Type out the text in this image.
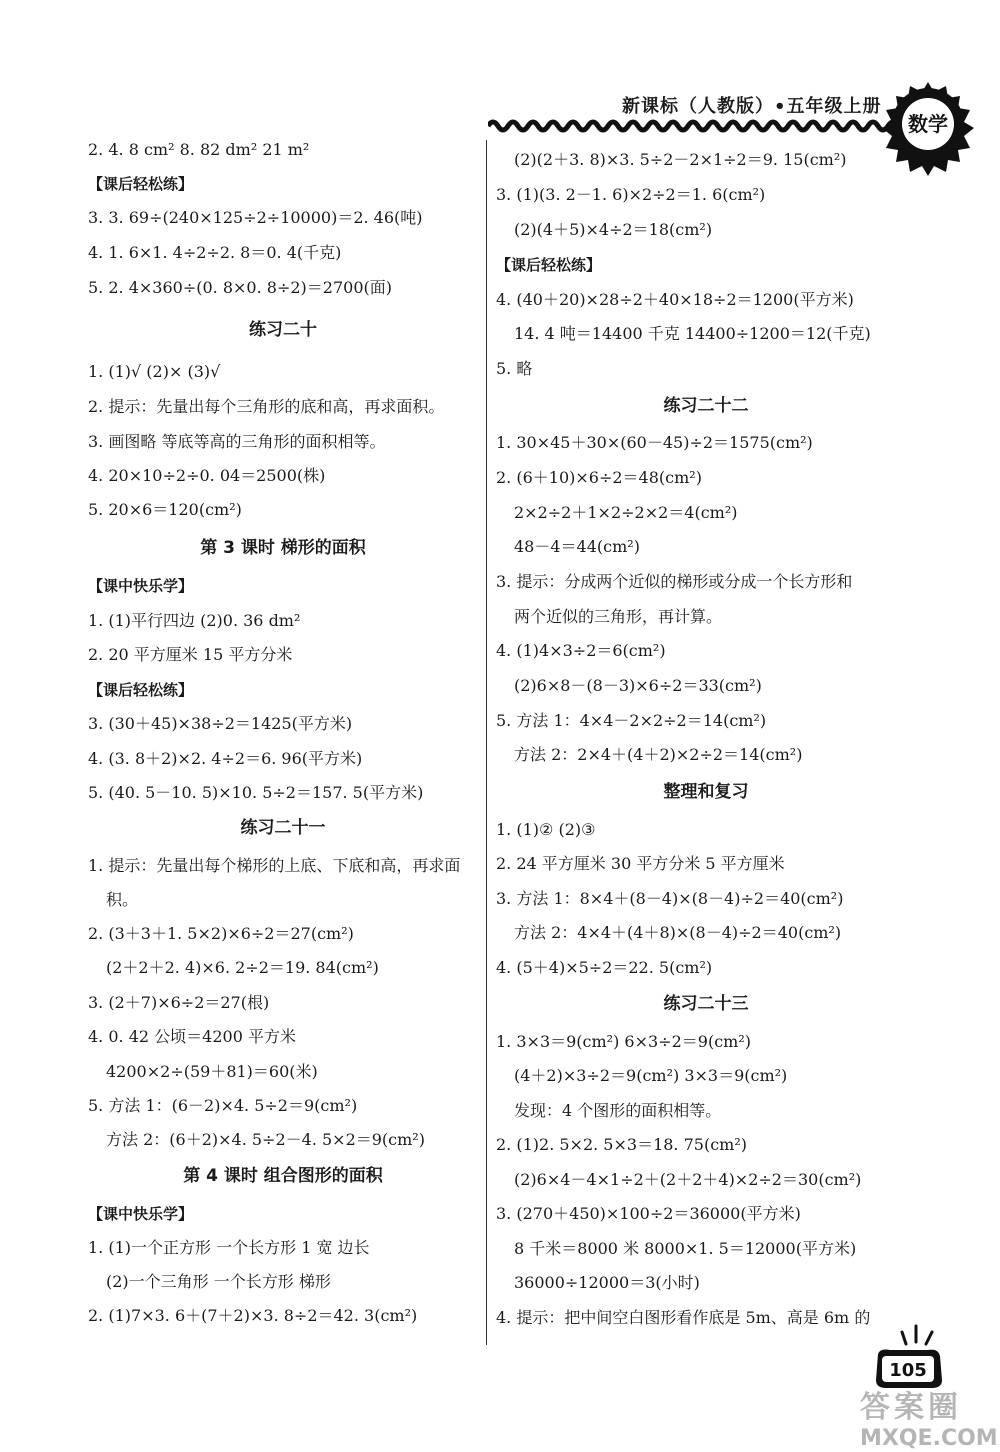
新课标（人教版）•五年级上册
数学
2. 4. 8 cm² 8. 82 dm² 21 m²
【课后轻松练】
3. 3. 69÷(240×125÷2÷10000)＝2. 46(吨)
4. 1. 6×1. 4÷2÷2. 8＝0. 4(千克)
5. 2. 4×360÷(0. 8×0. 8÷2)＝2700(面)
练习二十
1. (1)√ (2)× (3)√
2. 提示：先量出每个三角形的底和高，再求面积。
3. 画图略 等底等高的三角形的面积相等。
4. 20×10÷2÷0. 04＝2500(株)
5. 20×6＝120(cm²)
第 3 课时 梯形的面积
【课中快乐学】
1. (1)平行四边 (2)0. 36 dm²
2. 20 平方厘米 15 平方分米
【课后轻松练】
3. (30＋45)×38÷2＝1425(平方米)
4. (3. 8＋2)×2. 4÷2＝6. 96(平方米)
5. (40. 5－10. 5)×10. 5÷2＝157. 5(平方米)
练习二十一
1. 提示：先量出每个梯形的上底、下底和高，再求面
积。
2. (3＋3＋1. 5×2)×6÷2＝27(cm²)
(2＋2＋2. 4)×6. 2÷2＝19. 84(cm²)
3. (2＋7)×6÷2＝27(根)
4. 0. 42 公顷＝4200 平方米
4200×2÷(59＋81)＝60(米)
5. 方法 1：(6－2)×4. 5÷2＝9(cm²)
方法 2：(6＋2)×4. 5÷2－4. 5×2＝9(cm²)
第 4 课时 组合图形的面积
【课中快乐学】
1. (1)一个正方形 一个长方形 1 宽 边长
(2)一个三角形 一个长方形 梯形
2. (1)7×3. 6＋(7＋2)×3. 8÷2＝42. 3(cm²)
(2)(2＋3. 8)×3. 5÷2－2×1÷2＝9. 15(cm²)
3. (1)(3. 2－1. 6)×2÷2＝1. 6(cm²)
(2)(4＋5)×4÷2＝18(cm²)
【课后轻松练】
4. (40＋20)×28÷2＋40×18÷2＝1200(平方米)
14. 4 吨＝14400 千克 14400÷1200＝12(千克)
5. 略
练习二十二
1. 30×45＋30×(60－45)÷2＝1575(cm²)
2. (6＋10)×6÷2＝48(cm²)
2×2÷2＋1×2÷2×2＝4(cm²)
48－4＝44(cm²)
3. 提示：分成两个近似的梯形或分成一个长方形和
两个近似的三角形，再计算。
4. (1)4×3÷2＝6(cm²)
(2)6×8－(8－3)×6÷2＝33(cm²)
5. 方法 1：4×4－2×2÷2＝14(cm²)
方法 2：2×4＋(4＋2)×2÷2＝14(cm²)
整理和复习
1. (1)② (2)③
2. 24 平方厘米 30 平方分米 5 平方厘米
3. 方法 1：8×4＋(8－4)×(8－4)÷2＝40(cm²)
方法 2：4×4＋(4＋8)×(8－4)÷2＝40(cm²)
4. (5＋4)×5÷2＝22. 5(cm²)
练习二十三
1. 3×3＝9(cm²) 6×3÷2＝9(cm²)
(4＋2)×3÷2＝9(cm²) 3×3＝9(cm²)
发现：4 个图形的面积相等。
2. (1)2. 5×2. 5×3＝18. 75(cm²)
(2)6×4－4×1÷2＋(2＋2＋4)×2÷2＝30(cm²)
3. (270＋450)×100÷2＝36000(平方米)
8 千米＝8000 米 8000×1. 5＝12000(平方米)
36000÷12000＝3(小时)
4. 提示：把中间空白图形看作底是 5m、高是 6m 的
105
答案圈
MXQE.COM
